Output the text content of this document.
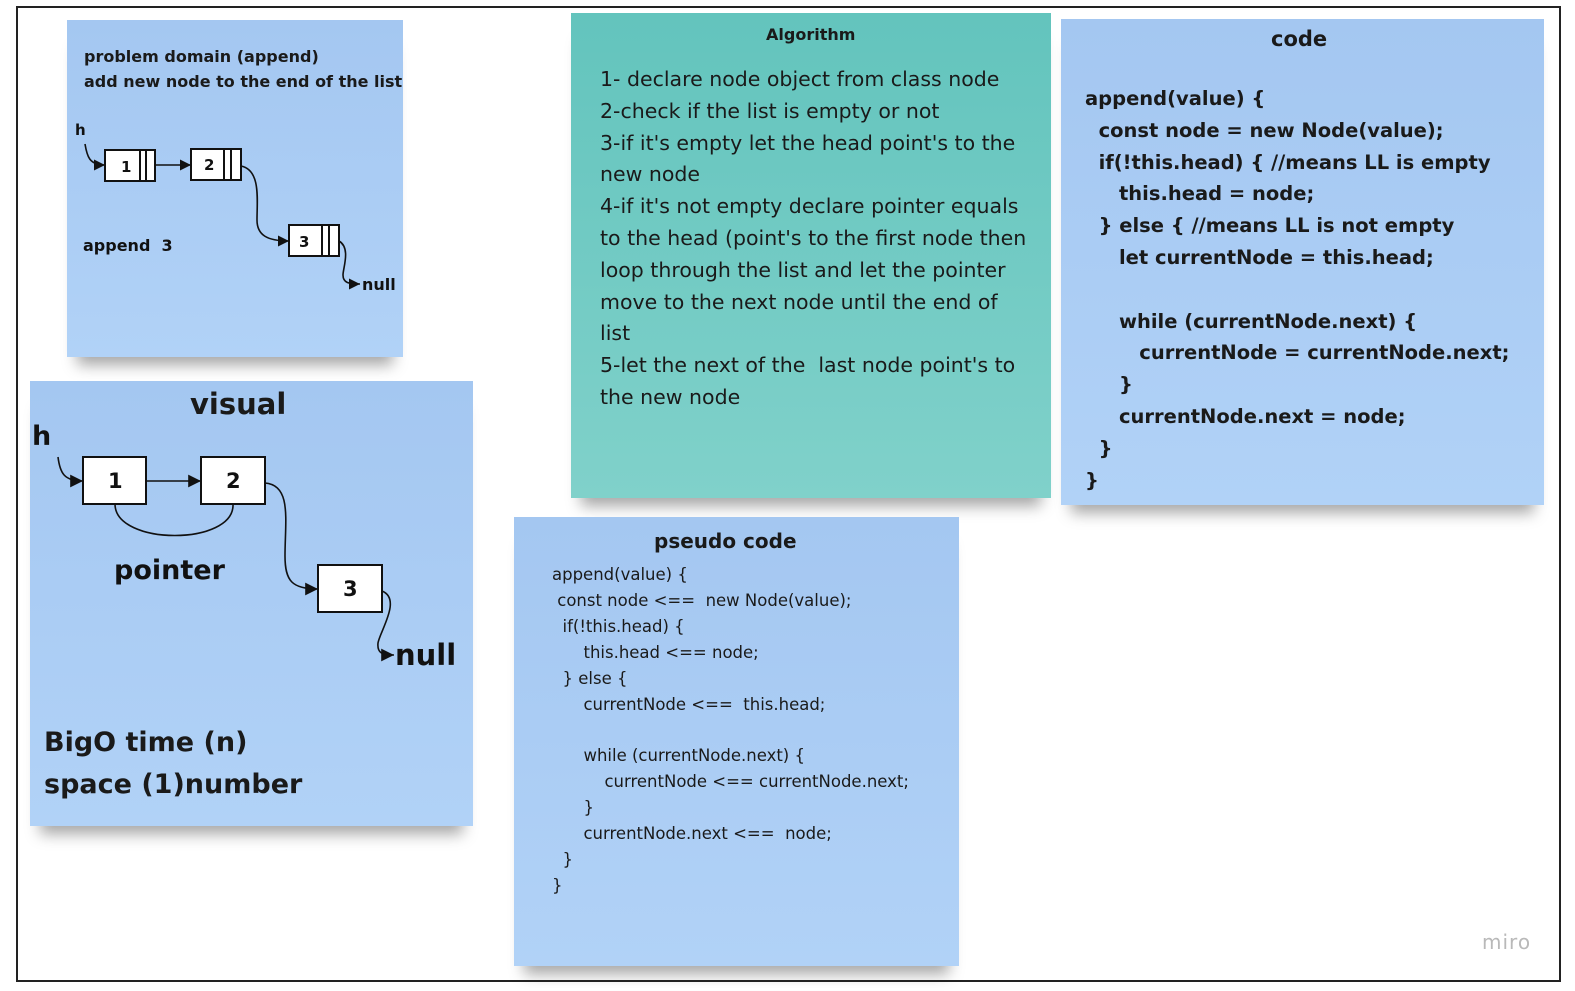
problem domain (append)
add new node to the end of the list
h
1	2
3
null
append  3
visual
h
1	2
pointer
3
null
BigO time (n)
space (1)number
Algorithm
1- declare node object from class node
2-check if the list is empty or not
3-if it's empty let the head point's to the
new node
4-if it's not empty declare pointer equals
to the head (point's to the first node then
loop through the list and let the pointer
move to the next node until the end of
list
5-let the next of the  last node point's to
the new node
code
append(value) {
const node = new Node(value);
if(!this.head) { //means LL is empty
this.head = node;
} else { //means LL is not empty
let currentNode = this.head;
while (currentNode.next) {
currentNode = currentNode.next;
}
currentNode.next = node;
}
}
pseudo code
append(value) {
const node <==  new Node(value);
if(!this.head) {
this.head <== node;
} else {
currentNode <==  this.head;
while (currentNode.next) {
currentNode <== currentNode.next;
}
currentNode.next <==  node;
}
}
miro
